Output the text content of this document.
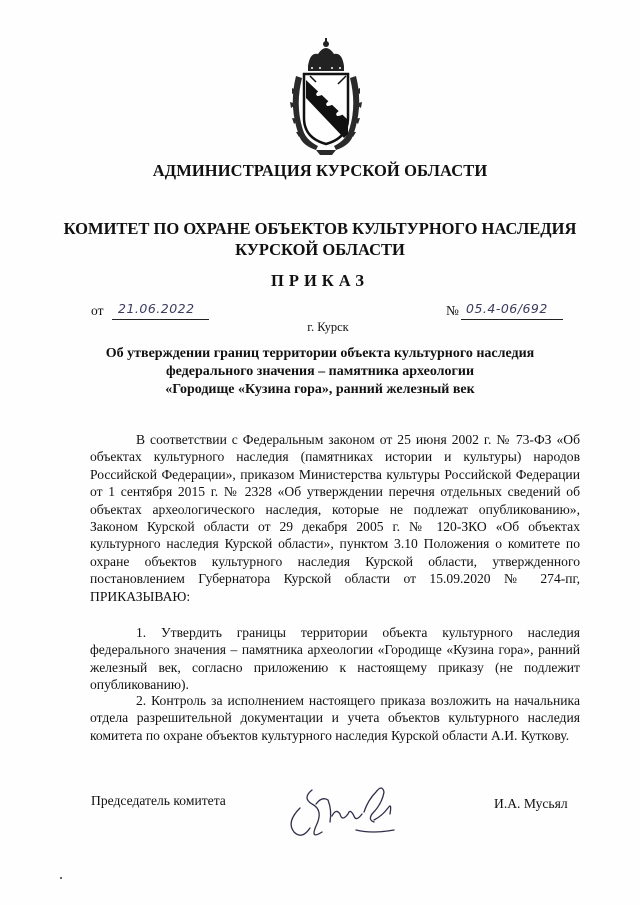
АДМИНИСТРАЦИЯ КУРСКОЙ ОБЛАСТИ
КОМИТЕТ ПО ОХРАНЕ ОБЪЕКТОВ КУЛЬТУРНОГО НАСЛЕДИЯ
КУРСКОЙ ОБЛАСТИ
ПРИКАЗ
от 21.06.2022	№ 05.4-06/692
г. Курск
Об утверждении границ территории объекта культурного наследия
федерального значения – памятника археологии
«Городище «Кузина гора», ранний железный век

В соответствии с Федеральным законом от 25 июня 2002 г. № 73-ФЗ «Об объектах культурного наследия (памятниках истории и культуры) народов Российской Федерации», приказом Министерства культуры Российской Федерации от 1 сентября 2015 г. № 2328 «Об утверждении перечня отдельных сведений об объектах археологического наследия, которые не подлежат опубликованию», Законом Курской области от 29 декабря 2005 г. № 120-ЗКО «Об объектах культурного наследия Курской области», пунктом 3.10 Положения о комитете по охране объектов культурного наследия Курской области, утвержденного постановлением Губернатора Курской области от 15.09.2020 № 274-пг, ПРИКАЗЫВАЮ:

1. Утвердить границы территории объекта культурного наследия федерального значения – памятника археологии «Городище «Кузина гора», ранний железный век, согласно приложению к настоящему приказу (не подлежит опубликованию).

2. Контроль за исполнением настоящего приказа возложить на начальника отдела разрешительной документации и учета объектов культурного наследия комитета по охране объектов культурного наследия Курской области А.И. Куткову.

Председатель комитета	И.А. Мусьял
